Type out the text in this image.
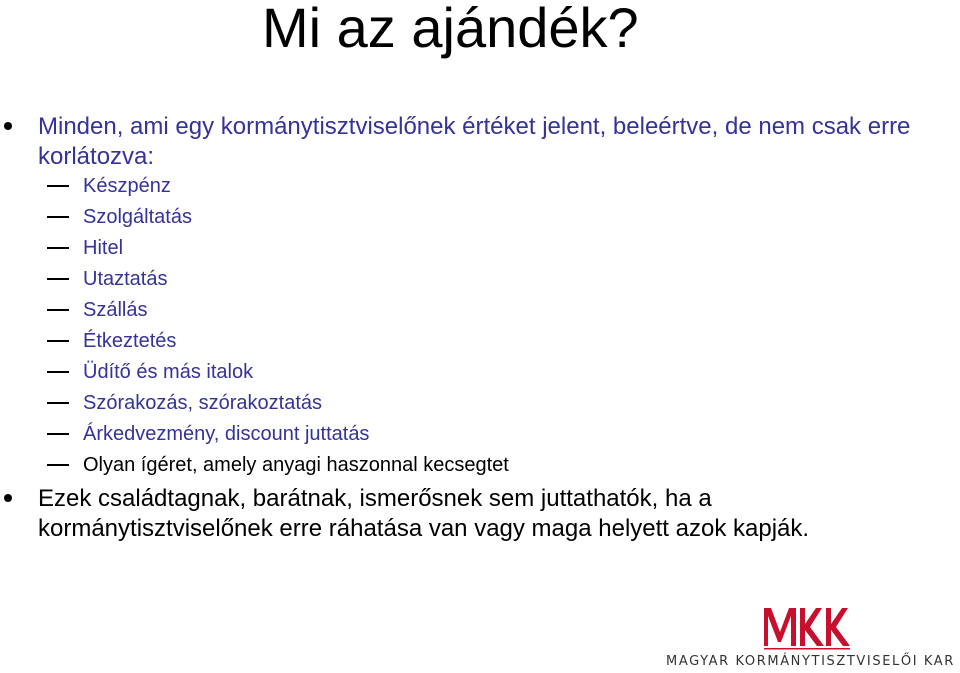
Mi az ajándék?
Minden, ami egy kormánytisztviselőnek értéket jelent, beleértve, de nem csak erre korlátozva:
Készpénz
Szolgáltatás
Hitel
Utaztatás
Szállás
Étkeztetés
Üdítő és más italok
Szórakozás, szórakoztatás
Árkedvezmény, discount juttatás
Olyan ígéret, amely anyagi haszonnal kecsegtet
Ezek családtagnak, barátnak, ismerősnek sem juttathatók, ha a kormánytisztviselőnek erre ráhatása van vagy maga helyett azok kapják.
MAGYAR KORMÁNYTISZTVISELŐI KAR
